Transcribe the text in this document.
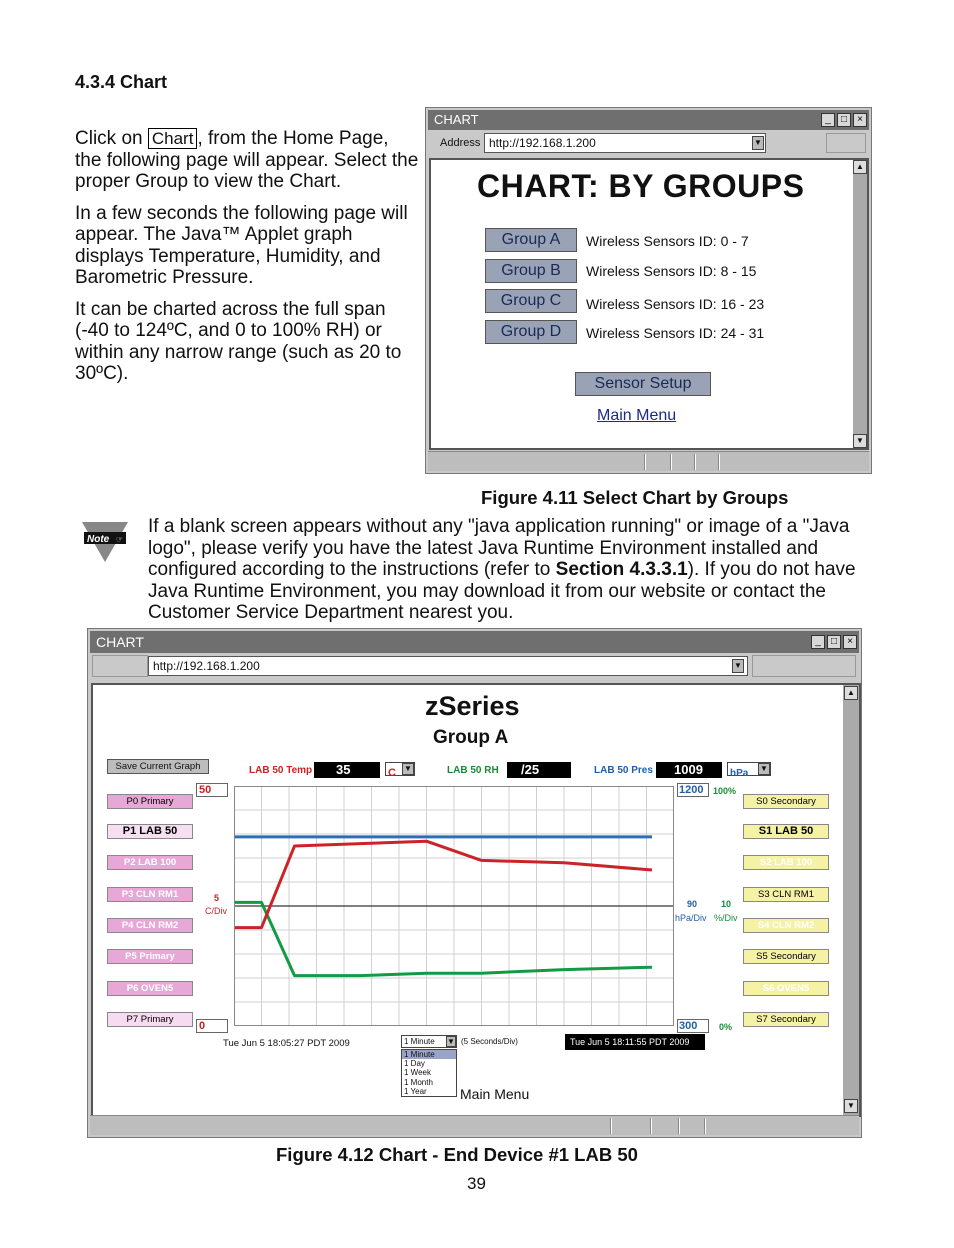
4.3.4 Chart

Click on Chart , from the Home Page, the following page will appear. Select the proper Group to view the Chart.

In a few seconds the following page will appear. The Java™ Applet graph displays Temperature, Humidity, and Barometric Pressure.

It can be charted across the full span (-40 to 124ºC, and 0 to 100% RH) or within any narrow range (such as 20 to 30ºC).

CHART	_	□	×
Address http://192.168.1.200	▼
CHART: BY GROUPS
Group A	Wireless Sensors ID: 0 - 7
Group B	Wireless Sensors ID: 8 - 15
Group C	Wireless Sensors ID: 16 - 23
Group D	Wireless Sensors ID: 24 - 31
Sensor Setup
Main Menu
▲
▼
Figure 4.11 Select Chart by Groups
Note ☞
If a blank screen appears without any "java application running" or image of a "Java logo", please verify you have the latest Java Runtime Environment installed and configured according to the instructions (refer to Section 4.3.3.1). If you do not have Java Runtime Environment, you may download it from our website or contact the Customer Service Department nearest you.
CHART	_	□	×
http://192.168.1.200	▼
zSeries
Group A
Save Current Graph	LAB 50 Temp	35	C ▼	LAB 50 RH	/25	LAB 50 Pres	1009	hPa ▼
50
0
5
C/Div
1200	100%
300	0%
90
hPa/Div
10
%/Div
P0 Primary
P1 LAB 50
P2 LAB 100
P3 CLN RM1
P4 CLN RM2
P5 Primary
P6 OVEN5
P7 Primary
S0 Secondary
S1 LAB 50
S2 LAB 100
S3 CLN RM1
S4 CLN RM2
S5 Secondary
S6 OVEN5
S7 Secondary
Tue Jun 5 18:05:27 PDT 2009	1 Minute	▼ (5 Seconds/Div)
1 Minute
1 Day
1 Week
1 Month
1 Year
Tue Jun 5 18:11:55 PDT 2009
Main Menu
▲
▼
Figure 4.12 Chart - End Device #1 LAB 50
39
